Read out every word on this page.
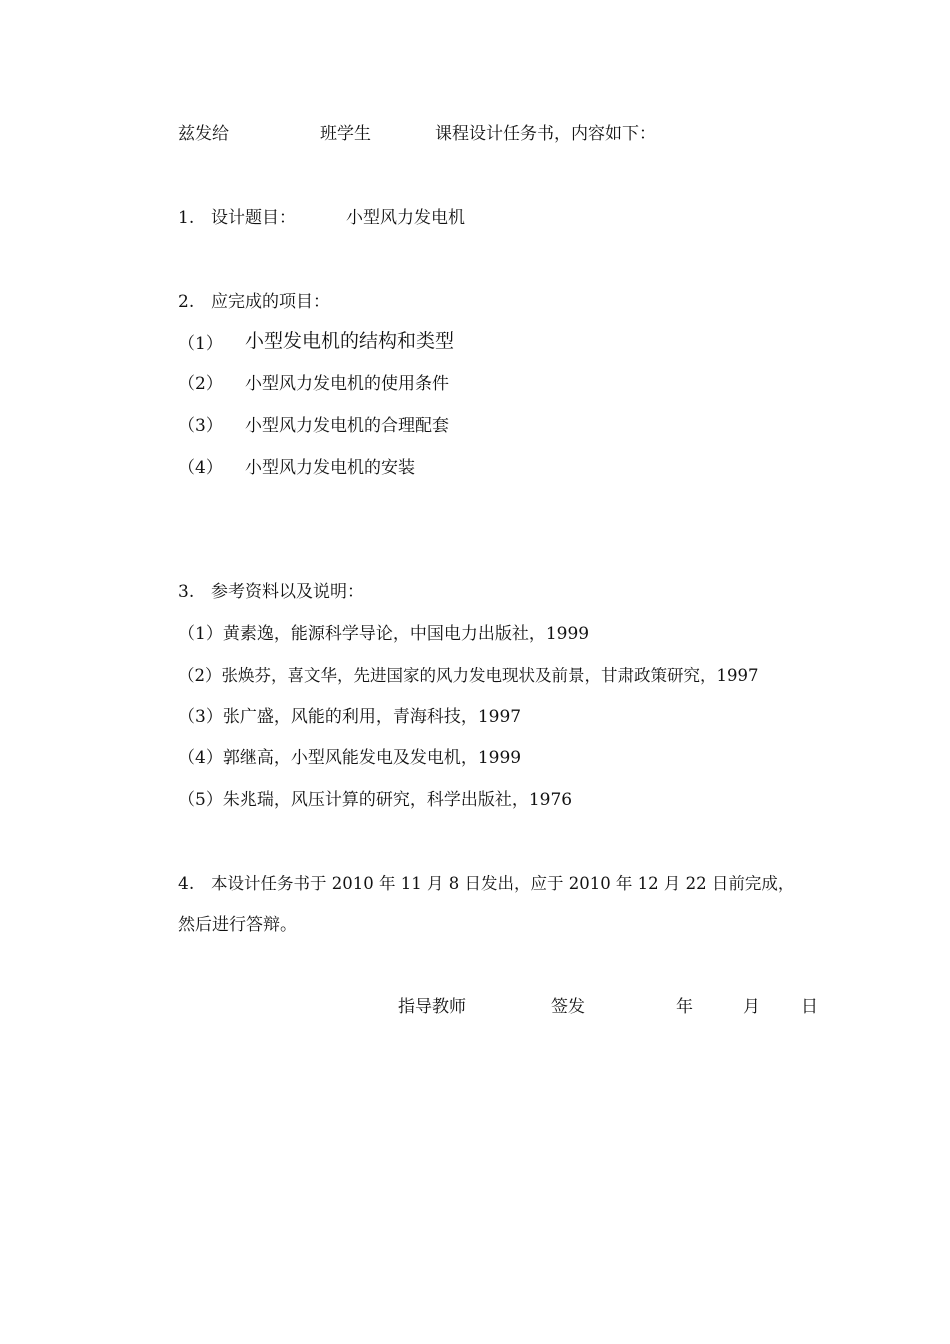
兹发给	班学生	课程设计任务书，内容如下：
1. 设计题目：	小型风力发电机
2. 应完成的项目：
（1） 小型发电机的结构和类型
（2） 小型风力发电机的使用条件
（3） 小型风力发电机的合理配套
（4） 小型风力发电机的安装
3. 参考资料以及说明：
（1）黄素逸，能源科学导论，中国电力出版社，1999
（2）张焕芬，喜文华，先进国家的风力发电现状及前景，甘肃政策研究，1997
（3）张广盛，风能的利用，青海科技，1997
（4）郭继高，小型风能发电及发电机，1999
（5）朱兆瑞，风压计算的研究，科学出版社，1976
4. 本设计任务书于 2010 年 11 月 8 日发出，应于 2010 年 12 月 22 日前完成，
然后进行答辩。
指导教师	签发	年	月 日
